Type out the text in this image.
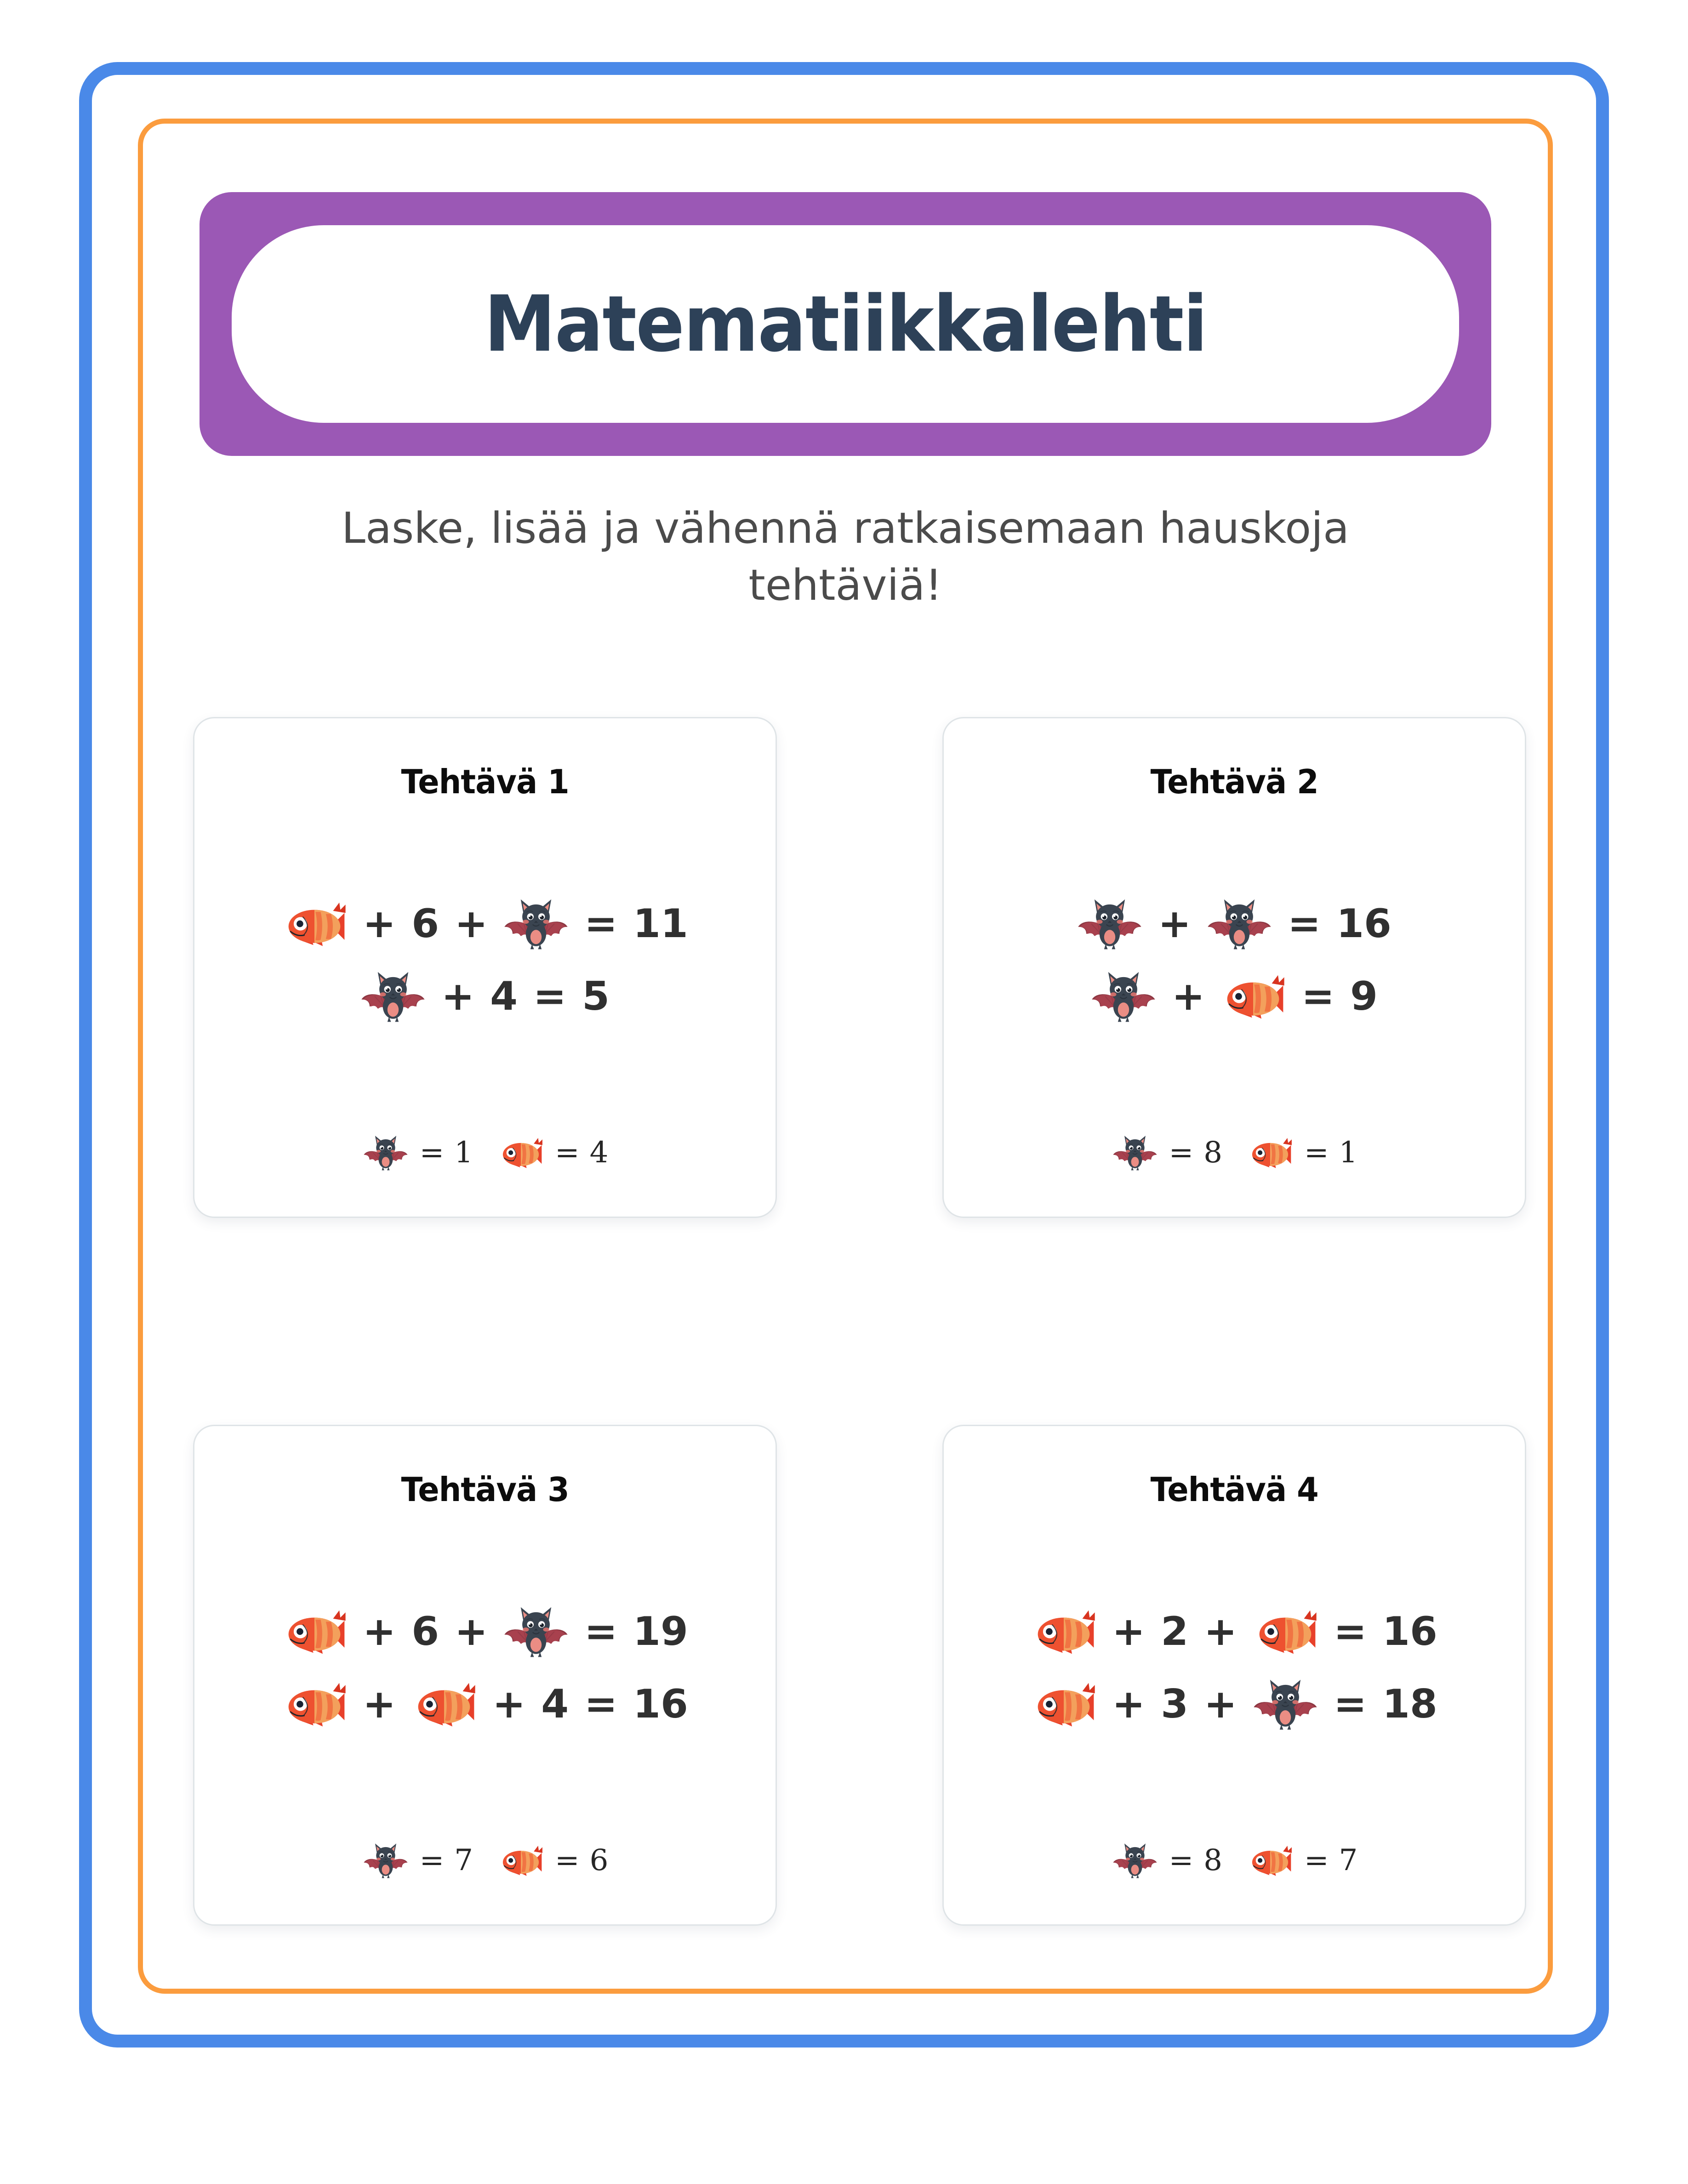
Matematiikkalehti
Laske, lisää ja vähennä ratkaisemaan hauskoja tehtäviä!
Tehtävä 1
+ 6 + = 11
+ 4 = 5
= 1	= 4
Tehtävä 2
+ = 16
+ = 9
= 8	= 1
Tehtävä 3
+ 6 + = 19
+ + 4 = 16
= 7	= 6
Tehtävä 4
+ 2 + = 16
+ 3 + = 18
= 8	= 7
